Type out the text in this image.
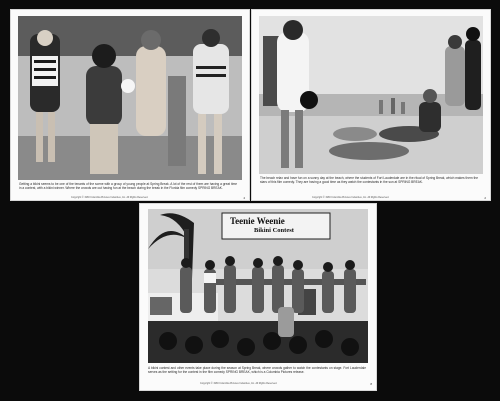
Getting a bikini seems to be one of the tenants of the scene with a group of young people at Spring Break. A lot of the rest of them are having a great time in a contest, with a bikini winner. Where the crowds are out having fun at the beach during the break in the Florida film comedy SPRING BREAK.
Copyright © 1983 Columbia Pictures Industries, Inc. All Rights Reserved.	4
The beach relax and have fun on a sunny day at the beach, where the students of Fort Lauderdale are in the ritual of Spring Break, which makes them the stars of this film comedy. They are having a good time as they watch the contestants in the sun at SPRING BREAK.
Copyright © 1983 Columbia Pictures Industries, Inc. All Rights Reserved.	2
Teenie Weenie
Bikini Contest
A bikini contest and other events take place during the season at Spring Break, where crowds gather to watch the contestants on stage. Fort Lauderdale serves as the setting for the contest in the film comedy SPRING BREAK, which is a Columbia Pictures release.
Copyright © 1983 Columbia Pictures Industries, Inc. All Rights Reserved.	8
